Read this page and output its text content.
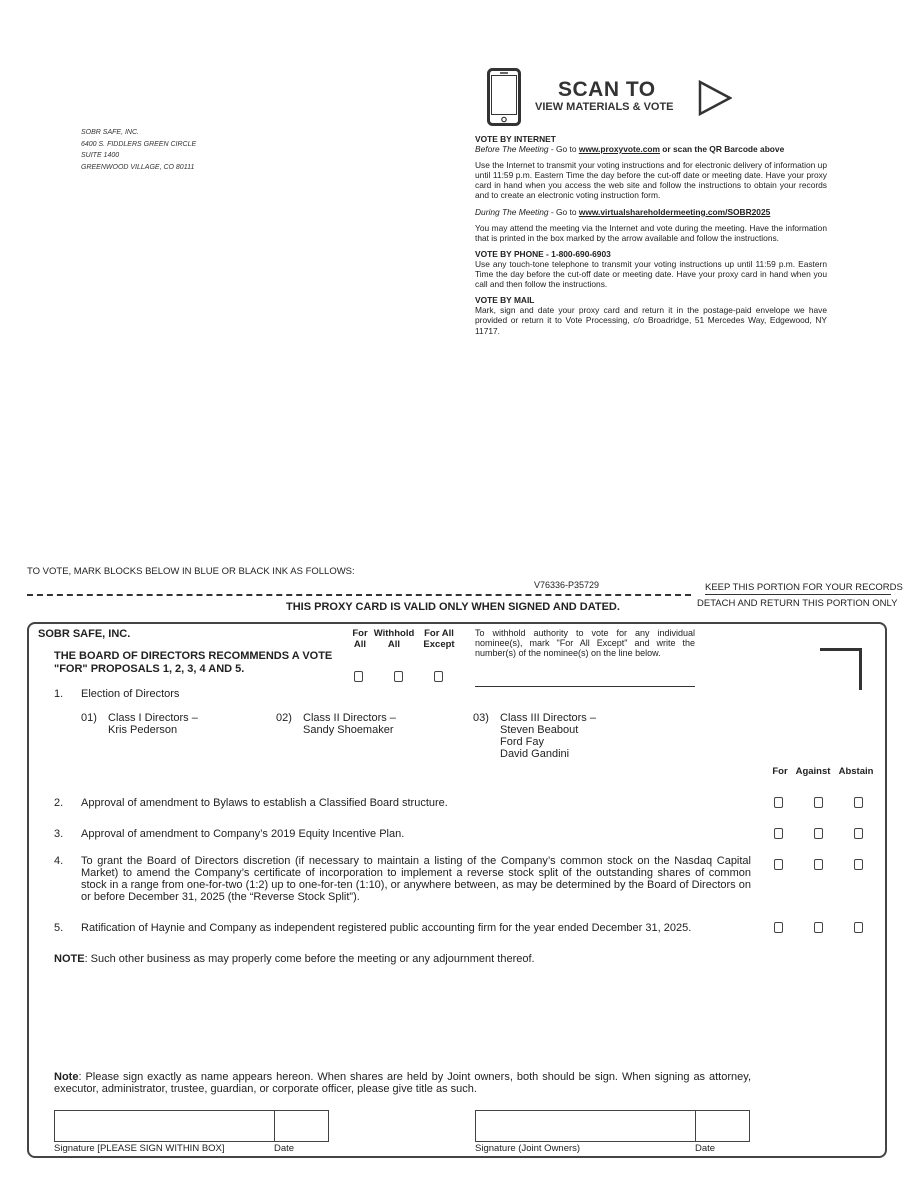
SOBR SAFE, INC.
6400 S. FIDDLERS GREEN CIRCLE
SUITE 1400
GREENWOOD VILLAGE, CO 80111
SCAN TO
VIEW MATERIALS & VOTE

VOTE BY INTERNET

Before The Meeting - Go to www.proxyvote.com or scan the QR Barcode above

Use the Internet to transmit your voting instructions and for electronic delivery of information up until 11:59 p.m. Eastern Time the day before the cut-off date or meeting date. Have your proxy card in hand when you access the web site and follow the instructions to obtain your records and to create an electronic voting instruction form.

During The Meeting - Go to www.virtualshareholdermeeting.com/SOBR2025

You may attend the meeting via the Internet and vote during the meeting. Have the information that is printed in the box marked by the arrow available and follow the instructions.

VOTE BY PHONE - 1-800-690-6903

Use any touch-tone telephone to transmit your voting instructions up until 11:59 p.m. Eastern Time the day before the cut-off date or meeting date. Have your proxy card in hand when you call and then follow the instructions.

VOTE BY MAIL

Mark, sign and date your proxy card and return it in the postage-paid envelope we have provided or return it to Vote Processing, c/o Broadridge, 51 Mercedes Way, Edgewood, NY 11717.

TO VOTE, MARK BLOCKS BELOW IN BLUE OR BLACK INK AS FOLLOWS:
V76336-P35729	KEEP THIS PORTION FOR YOUR RECORDS
DETACH AND RETURN THIS PORTION ONLY
THIS PROXY CARD IS VALID ONLY WHEN SIGNED AND DATED.
SOBR SAFE, INC.
THE BOARD OF DIRECTORS RECOMMENDS A VOTE
"FOR" PROPOSALS 1, 2, 3, 4 AND 5.
For
All
Withhold
All
For All
Except
To withhold authority to vote for any individual nominee(s), mark "For All Except" and write the number(s) of the nominee(s) on the line below.
1. Election of Directors
01) Class I Directors –
Kris Pederson
02) Class II Directors –
Sandy Shoemaker
03) Class III Directors –
Steven Beabout
Ford Fay
David Gandini
For Against Abstain
2. Approval of amendment to Bylaws to establish a Classified Board structure.
3. Approval of amendment to Company’s 2019 Equity Incentive Plan.
4. To grant the Board of Directors discretion (if necessary to maintain a listing of the Company’s common stock on the Nasdaq Capital Market) to amend the Company’s certificate of incorporation to implement a reverse stock split of the outstanding shares of common stock in a range from one-for-two (1:2) up to one-for-ten (1:10), or anywhere between, as may be determined by the Board of Directors on or before December 31, 2025 (the “Reverse Stock Split”).
5. Ratification of Haynie and Company as independent registered public accounting firm for the year ended December 31, 2025.
NOTE: Such other business as may properly come before the meeting or any adjournment thereof.
Note: Please sign exactly as name appears hereon. When shares are held by Joint owners, both should be sign. When signing as attorney, executor, administrator, trustee, guardian, or corporate officer, please give title as such.
Signature [PLEASE SIGN WITHIN BOX]	Date	Signature (Joint Owners)	Date
